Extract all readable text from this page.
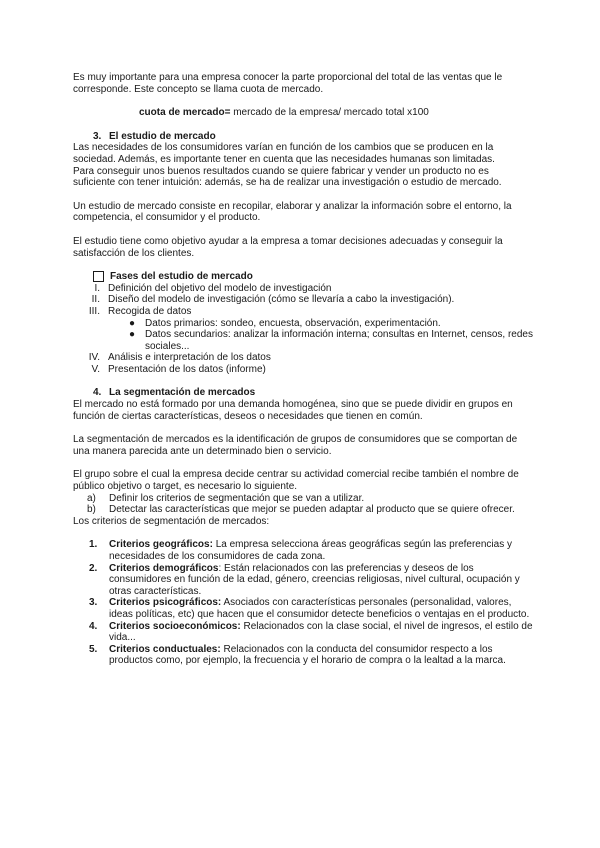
Es muy importante para una empresa conocer la parte proporcional del total de las ventas que le corresponde. Este concepto se llama cuota de mercado.

cuota de mercado= mercado de la empresa/ mercado total x100

3. El estudio de mercado

Las necesidades de los consumidores varían en función de los cambios que se producen en la sociedad. Además, es importante tener en cuenta que las necesidades humanas son limitadas.

Para conseguir unos buenos resultados cuando se quiere fabricar y vender un producto no es suficiente con tener intuición: además, se ha de realizar una investigación o estudio de mercado.

Un estudio de mercado consiste en recopilar, elaborar y analizar la información sobre el entorno, la competencia, el consumidor y el producto.

El estudio tiene como objetivo ayudar a la empresa a tomar decisiones adecuadas y conseguir la satisfacción de los clientes.

Fases del estudio de mercado
I. Definición del objetivo del modelo de investigación
II. Diseño del modelo de investigación (cómo se llevaría a cabo la investigación).
III. Recogida de datos
● Datos primarios: sondeo, encuesta, observación, experimentación.
● Datos secundarios: analizar la información interna; consultas en Internet, censos, redes sociales...
IV. Análisis e interpretación de los datos
V. Presentación de los datos (informe)
4. La segmentación de mercados

El mercado no está formado por una demanda homogénea, sino que se puede dividir en grupos en función de ciertas características, deseos o necesidades que tienen en común.

La segmentación de mercados es la identificación de grupos de consumidores que se comportan de una manera parecida ante un determinado bien o servicio.

El grupo sobre el cual la empresa decide centrar su actividad comercial recibe también el nombre de público objetivo o target, es necesario lo siguiente.

a)	Definir los criterios de segmentación que se van a utilizar.
b)	Detectar las características que mejor se pueden adaptar al producto que se quiere ofrecer.

Los criterios de segmentación de mercados:

1.	Criterios geográficos: La empresa selecciona áreas geográficas según las preferencias y necesidades de los consumidores de cada zona.
2.	Criterios demográficos: Están relacionados con las preferencias y deseos de los consumidores en función de la edad, género, creencias religiosas, nivel cultural, ocupación y otras características.
3.	Criterios psicográficos: Asociados con características personales (personalidad, valores, ideas políticas, etc) que hacen que el consumidor detecte beneficios o ventajas en el producto.
4.	Criterios socioeconómicos: Relacionados con la clase social, el nivel de ingresos, el estilo de vida...
5.	Criterios conductuales: Relacionados con la conducta del consumidor respecto a los productos como, por ejemplo, la frecuencia y el horario de compra o la lealtad a la marca.
